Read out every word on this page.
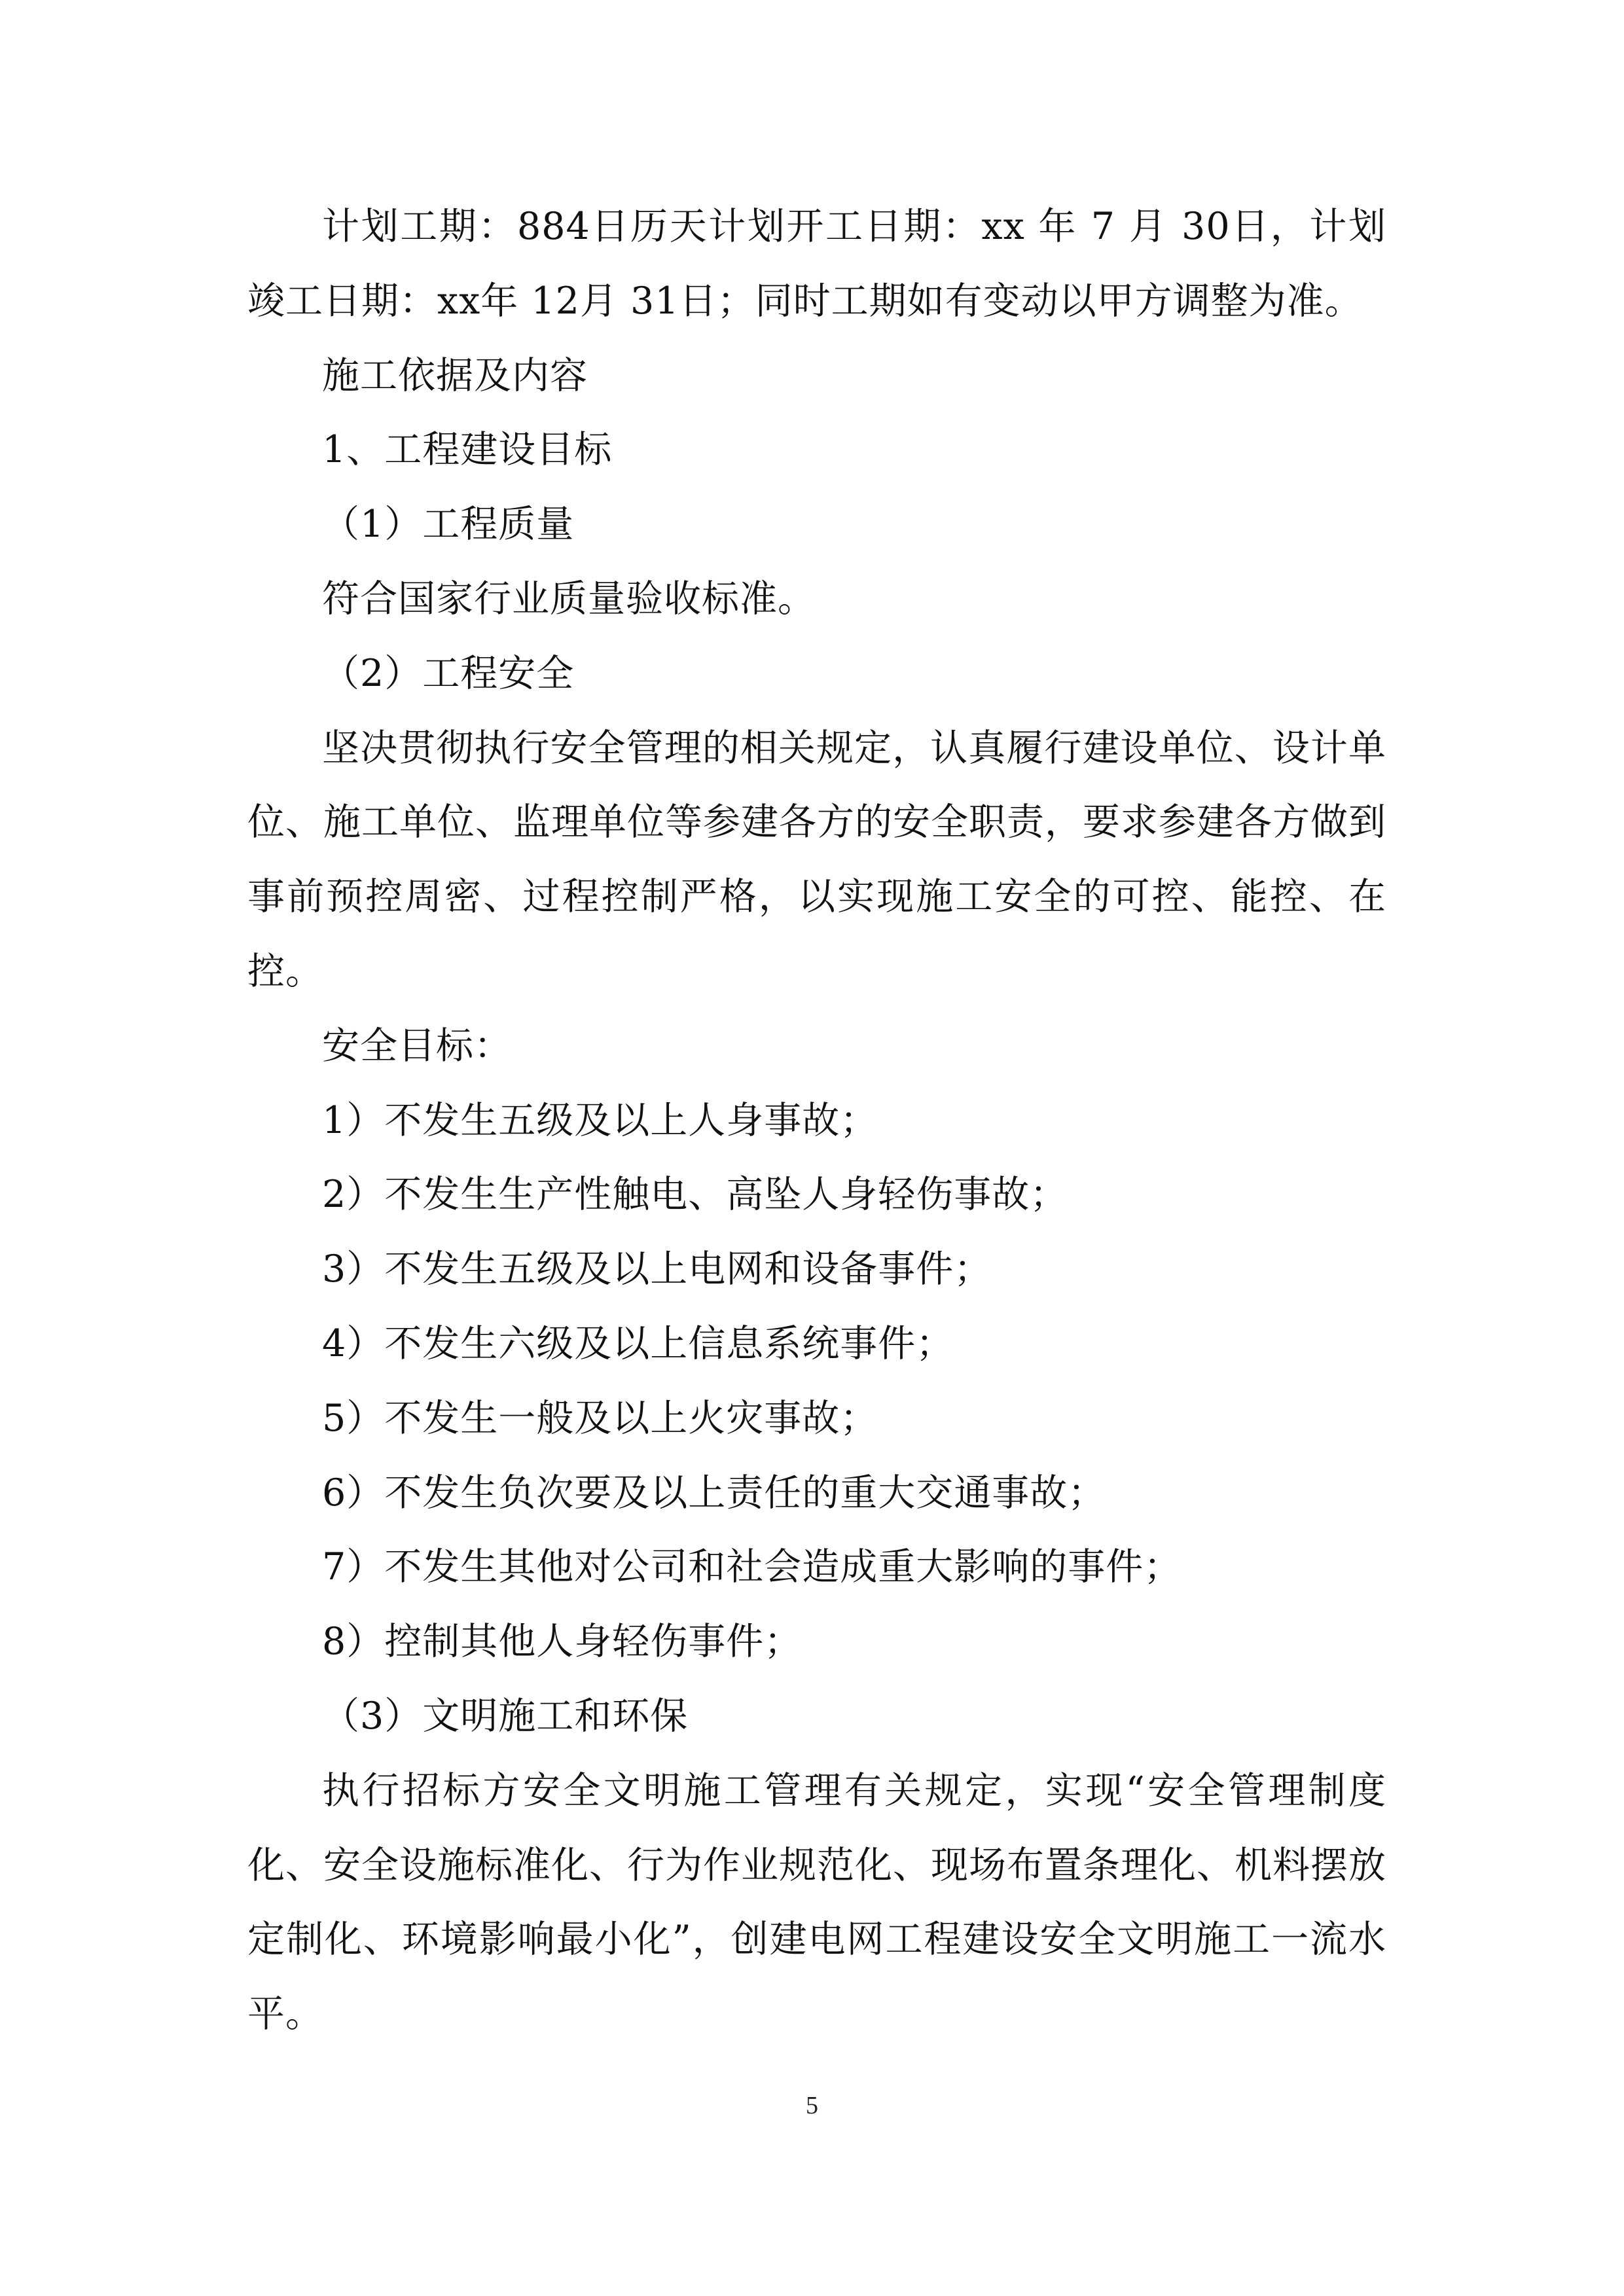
计划工期：884日历天计划开工日期：xx 年 7 月 30日，计划竣工日期：xx年 12月 31日；同时工期如有变动以甲方调整为准。

施工依据及内容

1、工程建设目标

（1）工程质量

符合国家行业质量验收标准。

（2）工程安全

坚决贯彻执行安全管理的相关规定，认真履行建设单位、设计单位、施工单位、监理单位等参建各方的安全职责，要求参建各方做到事前预控周密、过程控制严格，以实现施工安全的可控、能控、在控。

安全目标：

1）不发生五级及以上人身事故；

2）不发生生产性触电、高坠人身轻伤事故；

3）不发生五级及以上电网和设备事件；

4）不发生六级及以上信息系统事件；

5）不发生一般及以上火灾事故；

6）不发生负次要及以上责任的重大交通事故；

7）不发生其他对公司和社会造成重大影响的事件；

8）控制其他人身轻伤事件；

（3）文明施工和环保

执行招标方安全文明施工管理有关规定，实现“安全管理制度化、安全设施标准化、行为作业规范化、现场布置条理化、机料摆放定制化、环境影响最小化”，创建电网工程建设安全文明施工一流水平。

5
